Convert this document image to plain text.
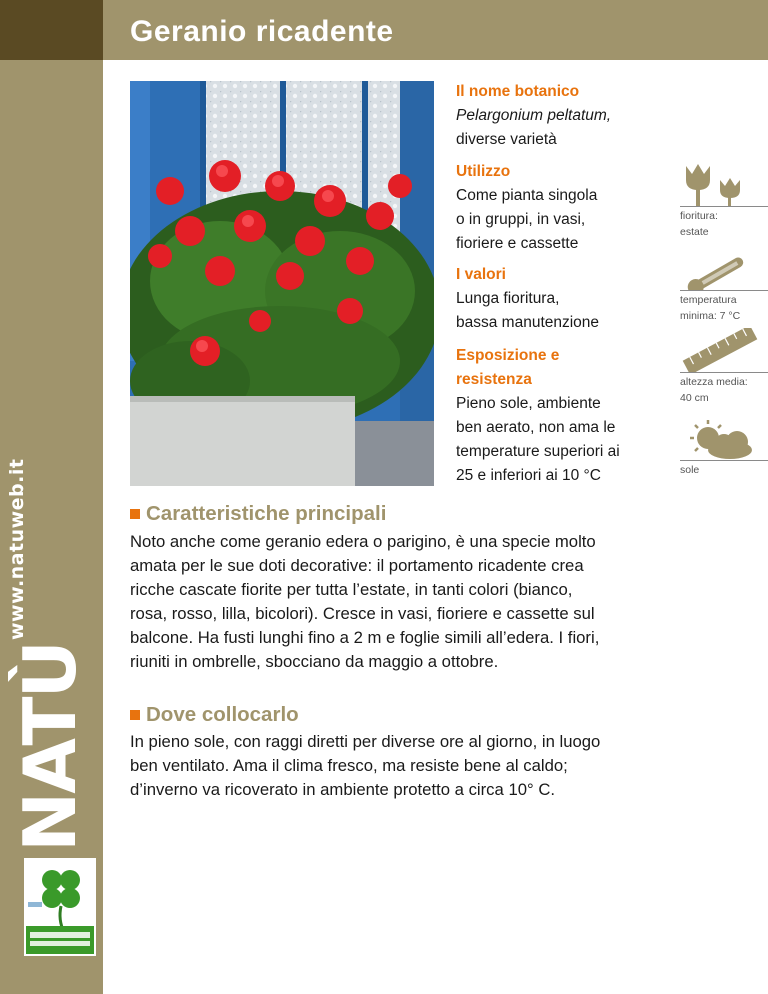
www.natuweb.it
NATÙ
Geranio ricadente
Il nome botanico
Pelargonium peltatum,
diverse varietà
Utilizzo
Come pianta singola
o in gruppi, in vasi,
fioriere e cassette
I valori
Lunga fioritura,
bassa manutenzione
Esposizione e
resistenza
Pieno sole, ambiente
ben aerato, non ama le
temperature superiori ai
25 e inferiori ai 10 °C
fioritura:
estate
temperatura
minima: 7 °C
altezza media:
40 cm
sole
Caratteristiche principali
Noto anche come geranio edera o parigino, è una specie molto
amata per le sue doti decorative: il portamento ricadente crea
ricche cascate fiorite per tutta l’estate, in tanti colori (bianco,
rosa, rosso, lilla, bicolori). Cresce in vasi, fioriere e cassette sul
balcone. Ha fusti lunghi fino a 2 m e foglie simili all’edera. I fiori,
riuniti in ombrelle, sbocciano da maggio a ottobre.
Dove collocarlo
In pieno sole, con raggi diretti per diverse ore al giorno, in luogo
ben ventilato. Ama il clima fresco, ma resiste bene al caldo;
d’inverno va ricoverato in ambiente protetto a circa 10° C.
